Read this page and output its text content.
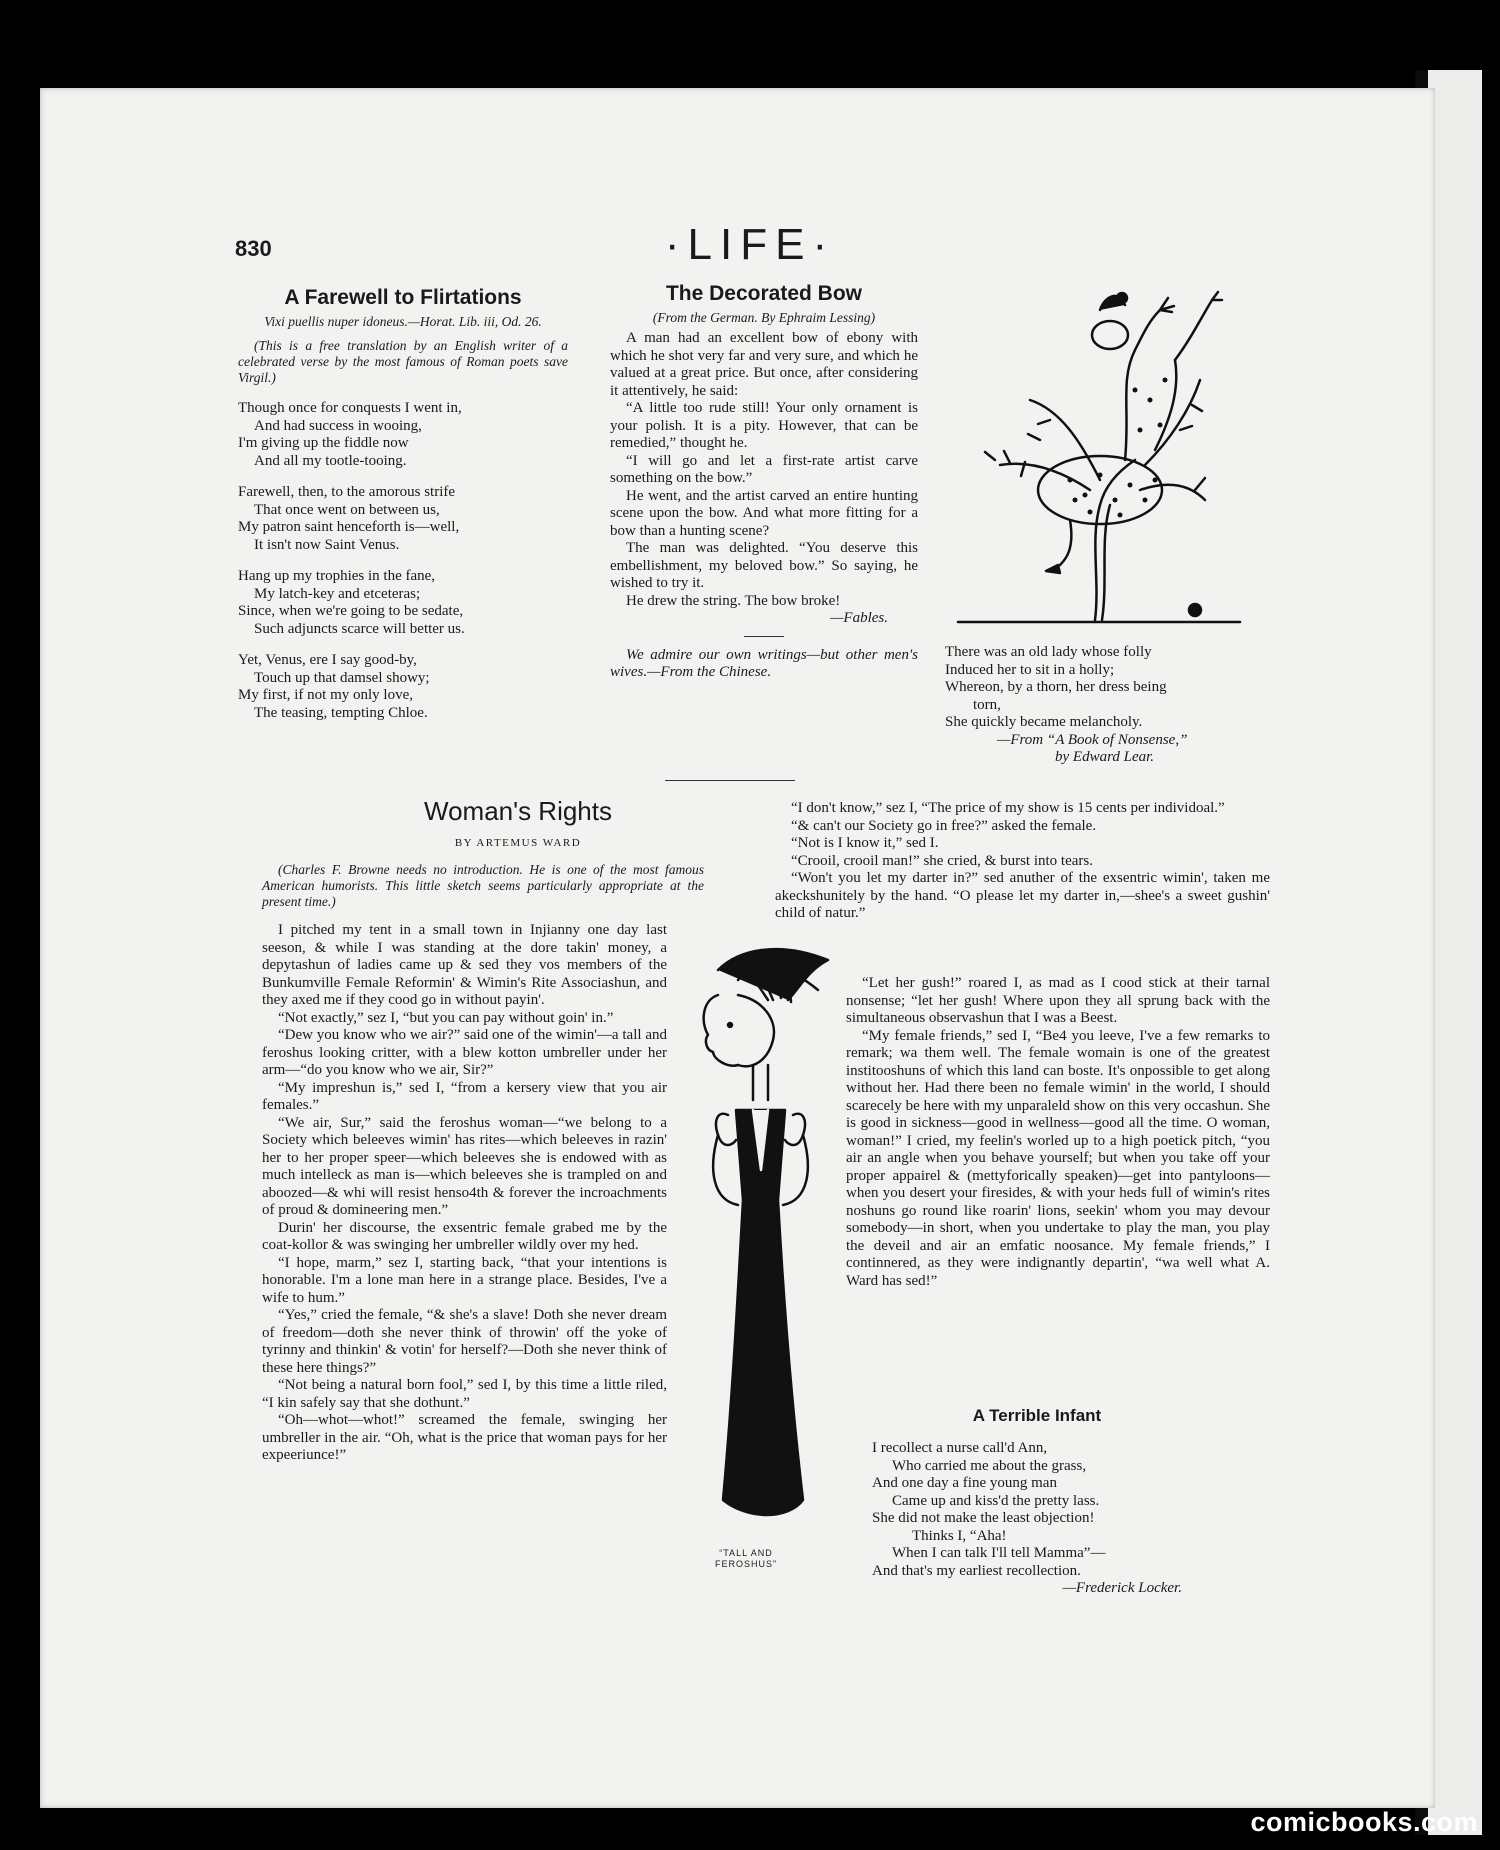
830	·LIFE·
A Farewell to Flirtations
Vixi puellis nuper idoneus.—Horat. Lib. iii, Od. 26.
(This is a free translation by an English writer of a celebrated verse by the most famous of Roman poets save Virgil.)
Though once for conquests I went in,
And had success in wooing,
I'm giving up the fiddle now
And all my tootle-tooing.
Farewell, then, to the amorous strife
That once went on between us,
My patron saint henceforth is—well,
It isn't now Saint Venus.
Hang up my trophies in the fane,
My latch-key and etceteras;
Since, when we're going to be sedate,
Such adjuncts scarce will better us.
Yet, Venus, ere I say good-by,
Touch up that damsel showy;
My first, if not my only love,
The teasing, tempting Chloe.
The Decorated Bow
(From the German. By Ephraim Lessing)

A man had an excellent bow of ebony with which he shot very far and very sure, and which he valued at a great price. But once, after considering it attentively, he said:

“A little too rude still! Your only ornament is your polish. It is a pity. However, that can be remedied,” thought he.

“I will go and let a first-rate artist carve something on the bow.”

He went, and the artist carved an entire hunting scene upon the bow. And what more fitting for a bow than a hunting scene?

The man was delighted. “You deserve this embellishment, my beloved bow.” So saying, he wished to try it.

He drew the string. The bow broke!

—Fables.

We admire our own writings—but other men's wives.—From the Chinese.

There was an old lady whose folly
Induced her to sit in a holly;
Whereon, by a thorn, her dress being
torn,
She quickly became melancholy.
—From “A Book of Nonsense,”
by Edward Lear.
Woman's Rights
BY ARTEMUS WARD
(Charles F. Browne needs no introduction. He is one of the most famous American humorists. This little sketch seems particularly appropriate at the present time.)

I pitched my tent in a small town in Injianny one day last seeson, & while I was standing at the dore takin' money, a depytashun of ladies came up & sed they vos members of the Bunkumville Female Reformin' & Wimin's Rite Associashun, and they axed me if they cood go in without payin'.

“Not exactly,” sez I, “but you can pay without goin' in.”

“Dew you know who we air?” said one of the wimin'—a tall and feroshus looking critter, with a blew kotton umbreller under her arm—“do you know who we air, Sir?”

“My impreshun is,” sed I, “from a kersery view that you air females.”

“We air, Sur,” said the feroshus woman—“we belong to a Society which beleeves wimin' has rites—which beleeves in razin' her to her proper speer—which beleeves she is endowed with as much intelleck as man is—which beleeves she is trampled on and aboozed—& whi will resist henso4th & forever the incroachments of proud & domineering men.”

Durin' her discourse, the exsentric female grabed me by the coat-kollor & was swinging her umbreller wildly over my hed.

“I hope, marm,” sez I, starting back, “that your intentions is honorable. I'm a lone man here in a strange place. Besides, I've a wife to hum.”

“Yes,” cried the female, “& she's a slave! Doth she never dream of freedom—doth she never think of throwin' off the yoke of tyrinny and thinkin' & votin' for herself?—Doth she never think of these here things?”

“Not being a natural born fool,” sed I, by this time a little riled, “I kin safely say that she dothunt.”

“Oh—whot—whot!” screamed the female, swinging her umbreller in the air. “Oh, what is the price that woman pays for her expeeriunce!”

“TALL AND
FEROSHUS”

“I don't know,” sez I, “The price of my show is 15 cents per individoal.”

“& can't our Society go in free?” asked the female.

“Not is I know it,” sed I.

“Crooil, crooil man!” she cried, & burst into tears.

“Won't you let my darter in?” sed anuther of the exsentric wimin', taken me akeckshunitely by the hand. “O please let my darter in,—shee's a sweet gushin' child of natur.”

“Let her gush!” roared I, as mad as I cood stick at their tarnal nonsense; “let her gush! Where upon they all sprung back with the simultaneous observashun that I was a Beest.

“My female friends,” sed I, “Be4 you leeve, I've a few remarks to remark; wa them well. The female womain is one of the greatest institooshuns of which this land can boste. It's onpossible to get along without her. Had there been no female wimin' in the world, I should scarecely be here with my unparaleld show on this very occashun. She is good in sickness—good in wellness—good all the time. O woman, woman!” I cried, my feelin's worled up to a high poetick pitch, “you air an angle when you behave yourself; but when you take off your proper appairel & (mettyforically speaken)—get into pantyloons—when you desert your firesides, & with your heds full of wimin's rites noshuns go round like roarin' lions, seekin' whom you may devour somebody—in short, when you undertake to play the man, you play the deveil and air an emfatic noosance. My female friends,” I continnered, as they were indignantly departin', “wa well what A. Ward has sed!”

A Terrible Infant
I recollect a nurse call'd Ann,
Who carried me about the grass,
And one day a fine young man
Came up and kiss'd the pretty lass.
She did not make the least objection!
Thinks I, “Aha!
When I can talk I'll tell Mamma”—
And that's my earliest recollection.
—Frederick Locker.
comicbooks.com
